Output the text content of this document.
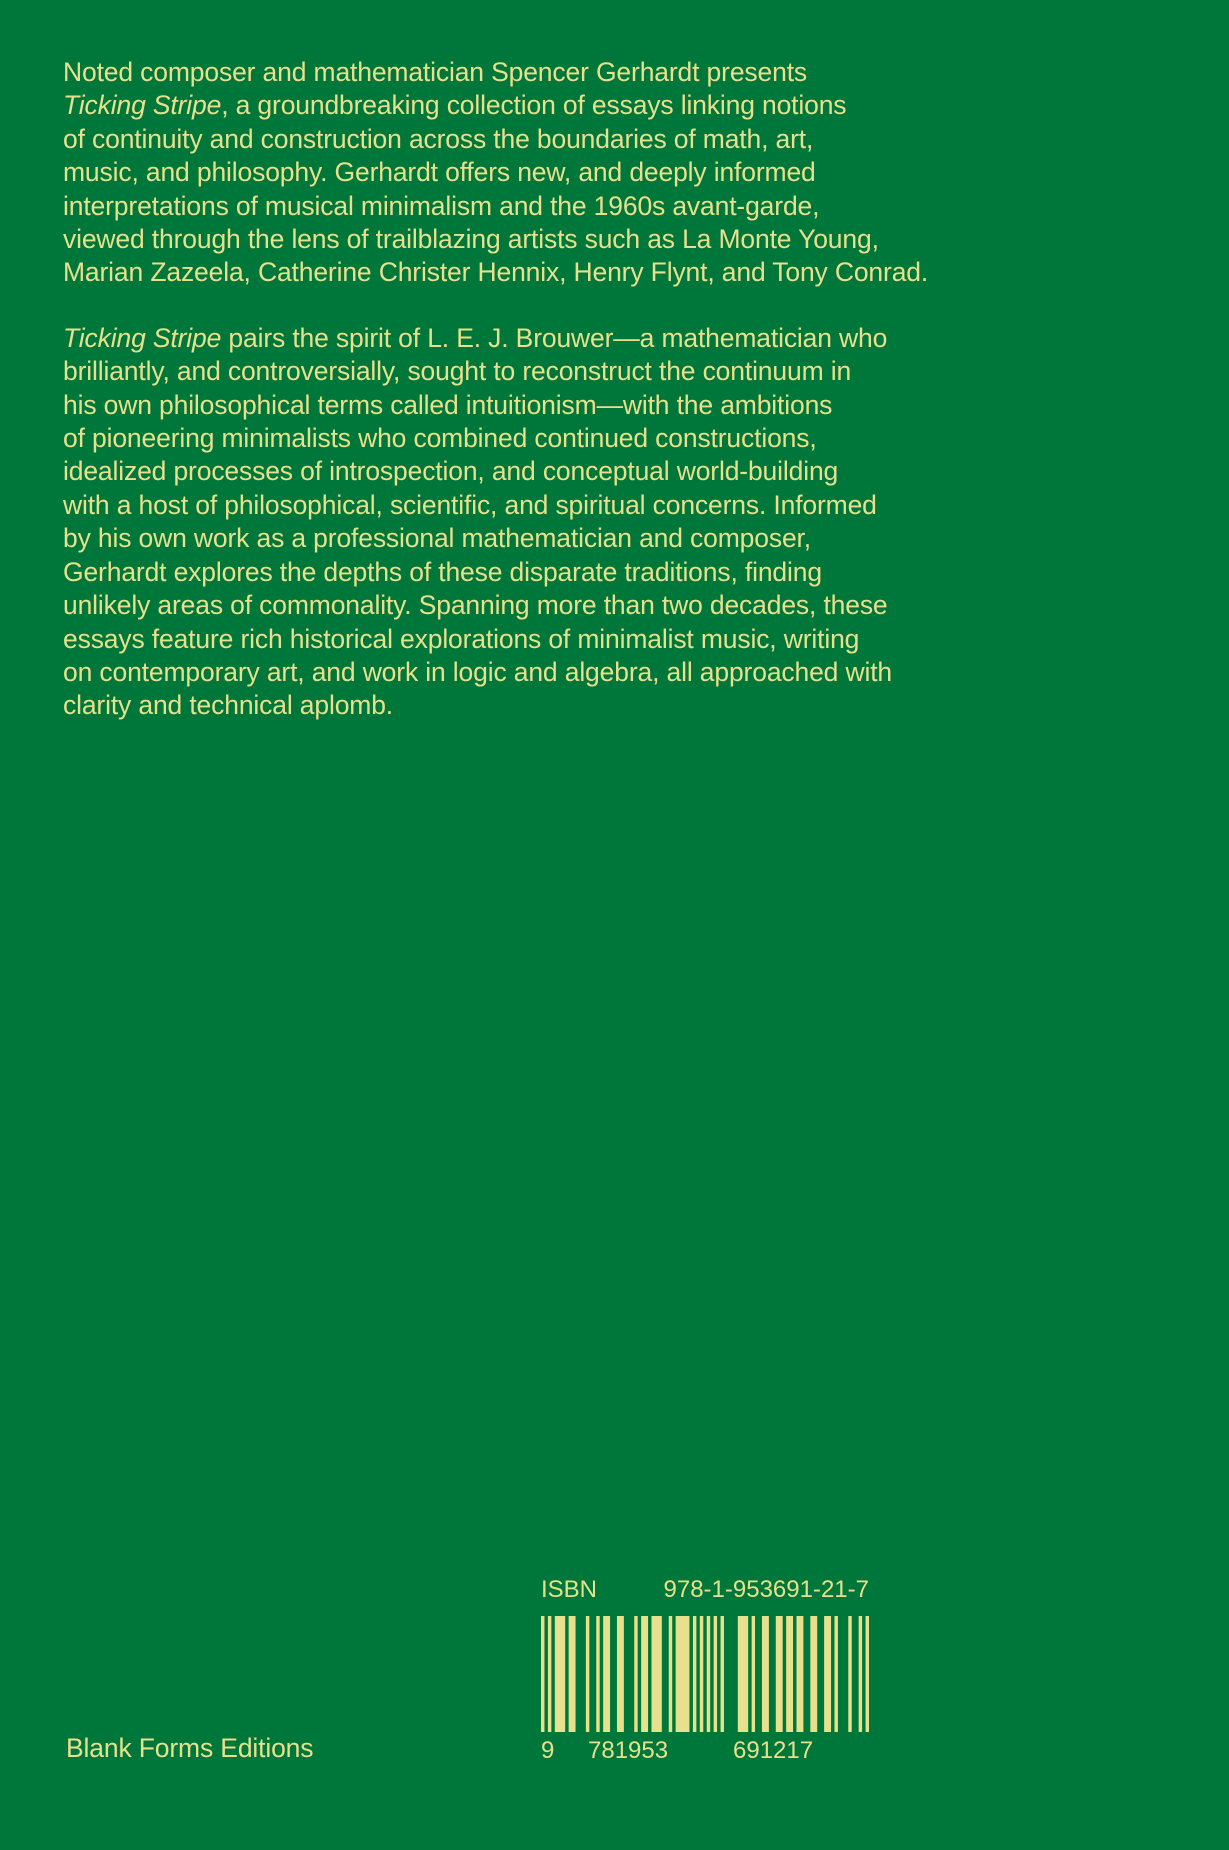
Noted composer and mathematician Spencer Gerhardt presents
Ticking Stripe, a groundbreaking collection of essays linking notions
of continuity and construction across the boundaries of math, art,
music, and philosophy. Gerhardt offers new, and deeply informed
interpretations of musical minimalism and the 1960s avant-garde,
viewed through the lens of trailblazing artists such as La Monte Young,
Marian Zazeela, Catherine Christer Hennix, Henry Flynt, and Tony Conrad.

Ticking Stripe pairs the spirit of L. E. J. Brouwer—a mathematician who
brilliantly, and controversially, sought to reconstruct the continuum in
his own philosophical terms called intuitionism—with the ambitions
of pioneering minimalists who combined continued constructions,
idealized processes of introspection, and conceptual world-building
with a host of philosophical, scientific, and spiritual concerns. Informed
by his own work as a professional mathematician and composer,
Gerhardt explores the depths of these disparate traditions, finding
unlikely areas of commonality. Spanning more than two decades, these
essays feature rich historical explorations of minimalist music, writing
on contemporary art, and work in logic and algebra, all approached with
clarity and technical aplomb.

ISBN	978-1-953691-21-7
9 781953	691217
Blank Forms Editions
